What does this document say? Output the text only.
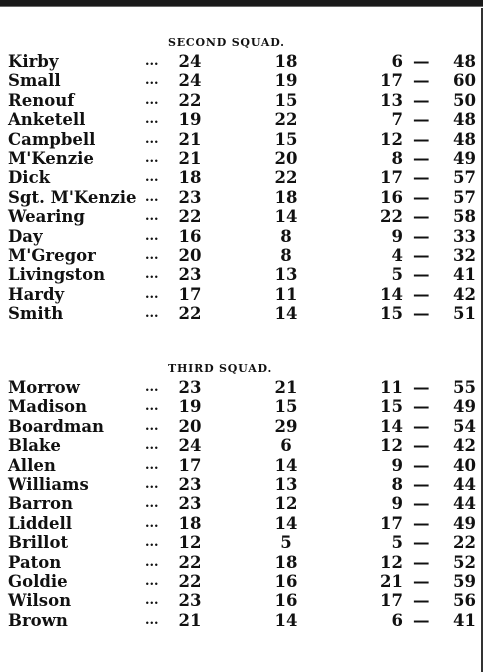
SECOND SQUAD.
Kirby	...	24	18	6 —	48
Small	...	24	19	17 —	60
Renouf	...	22	15	13 —	50
Anketell	...	19	22	7 —	48
Campbell	...	21	15	12 —	48
M'Kenzie	...	21	20	8 —	49
Dick	...	18	22	17 —	57
Sgt. M'Kenzie ...	23	18	16 —	57
Wearing	...	22	14	22 —	58
Day	...	16	8	9 —	33
M'Gregor	...	20	8	4 —	32
Livingston	...	23	13	5 —	41
Hardy	...	17	11	14 —	42
Smith	...	22	14	15 —	51
THIRD SQUAD.
Morrow	...	23	21	11 —	55
Madison	...	19	15	15 —	49
Boardman	...	20	29	14 —	54
Blake	...	24	6	12 —	42
Allen	...	17	14	9 —	40
Williams	...	23	13	8 —	44
Barron	...	23	12	9 —	44
Liddell	...	18	14	17 —	49
Brillot	...	12	5	5 —	22
Paton	...	22	18	12 —	52
Goldie	...	22	16	21 —	59
Wilson	...	23	16	17 —	56
Brown	...	21	14	6 —	41
